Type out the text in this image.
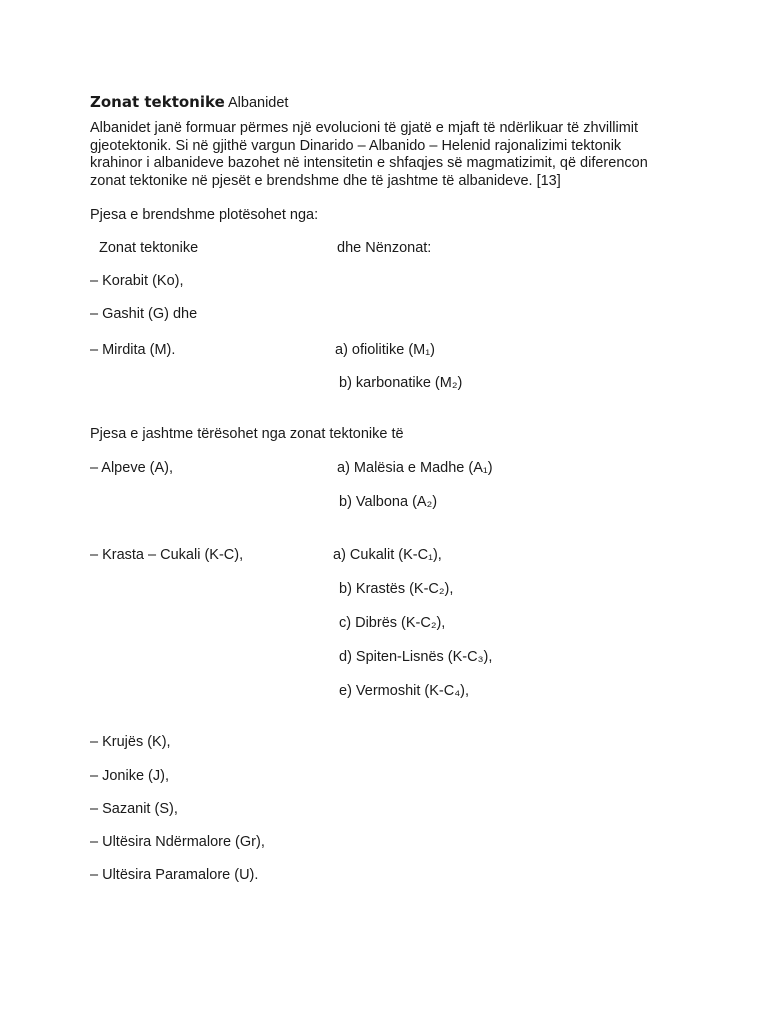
Zonat tektonike Albanidet
Albanidet janë formuar përmes një evolucioni të gjatë e mjaft të ndërlikuar të zhvillimit
gjeotektonik. Si në gjithë vargun Dinarido – Albanido – Helenid rajonalizimi tektonik
krahinor i albanideve bazohet në intensitetin e shfaqjes së magmatizimit, që diferencon
zonat tektonike në pjesët e brendshme dhe të jashtme të albanideve. [13]
Pjesa e brendshme plotësohet nga:
Zonat tektonike	dhe Nënzonat:
– Korabit (Ko),
– Gashit (G) dhe
– Mirdita (M).	a) ofiolitike (M₁)
b) karbonatike (M₂)
Pjesa e jashtme tërësohet nga zonat tektonike të
– Alpeve (A),	a) Malësia e Madhe (A₁)
b) Valbona (A₂)
– Krasta – Cukali (K-C),	a) Cukalit (K-C₁),
b) Krastës (K-C₂),
c) Dibrës (K-C₂),
d) Spiten-Lisnës (K-C₃),
e) Vermoshit (K-C₄),
– Krujës (K),
– Jonike (J),
– Sazanit (S),
– Ultësira Ndërmalore (Gr),
– Ultësira Paramalore (U).
